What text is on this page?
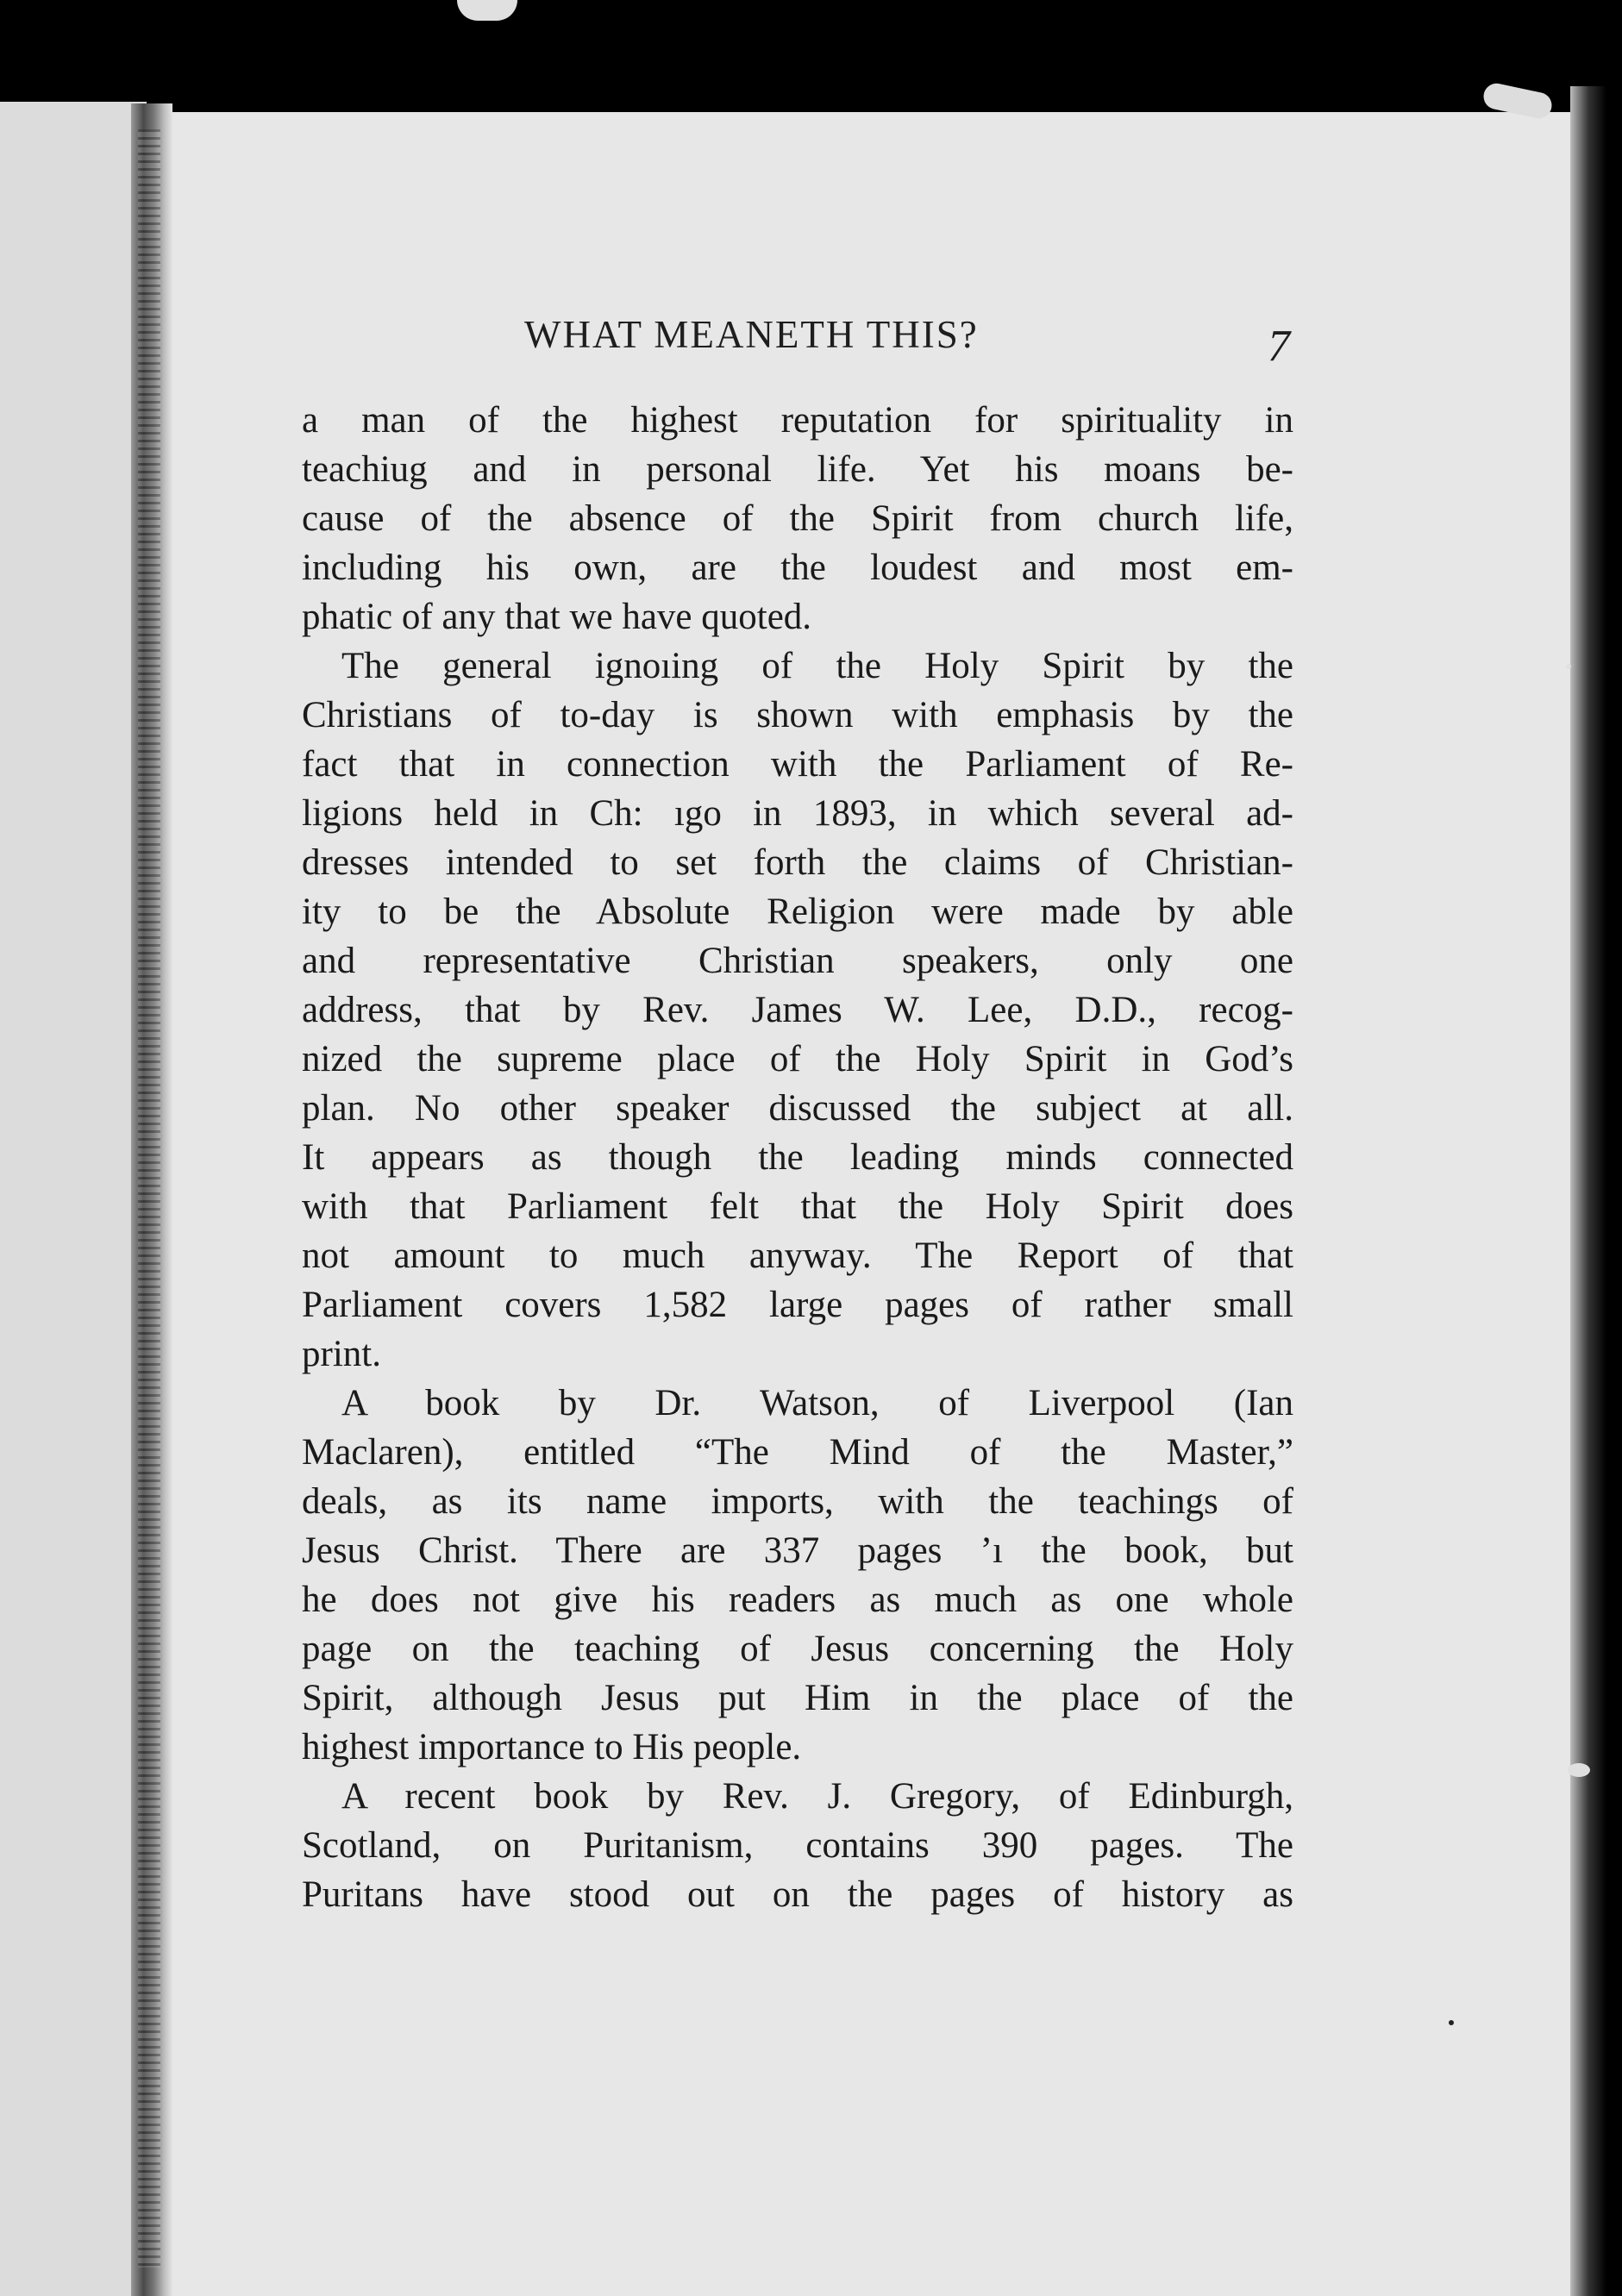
WHAT MEANETH THIS?	7
a man of the highest reputation for spirituality in
teachiug and in personal life. Yet his moans be-
cause of the absence of the Spirit from church life,
including his own, are the loudest and most em-
phatic of any that we have quoted.
The general ignoıing of the Holy Spirit by the
Christians of to-day is shown with emphasis by the
fact that in connection with the Parliament of Re-
ligions held in Ch: ıgo in 1893, in which several ad-
dresses intended to set forth the claims of Christian-
ity to be the Absolute Religion were made by able
and representative Christian speakers, only one
address, that by Rev. James W. Lee, D.D., recog-
nized the supreme place of the Holy Spirit in God’s
plan. No other speaker discussed the subject at all.
It appears as though the leading minds connected
with that Parliament felt that the Holy Spirit does
not amount to much anyway. The Report of that
Parliament covers 1,582 large pages of rather small
print.
A book by Dr. Watson, of Liverpool (Ian
Maclaren), entitled “The Mind of the Master,”
deals, as its name imports, with the teachings of
Jesus Christ. There are 337 pages ’ı the book, but
he does not give his readers as much as one whole
page on the teaching of Jesus concerning the Holy
Spirit, although Jesus put Him in the place of the
highest importance to His people.
A recent book by Rev. J. Gregory, of Edinburgh,
Scotland, on Puritanism, contains 390 pages. The
Puritans have stood out on the pages of history as
